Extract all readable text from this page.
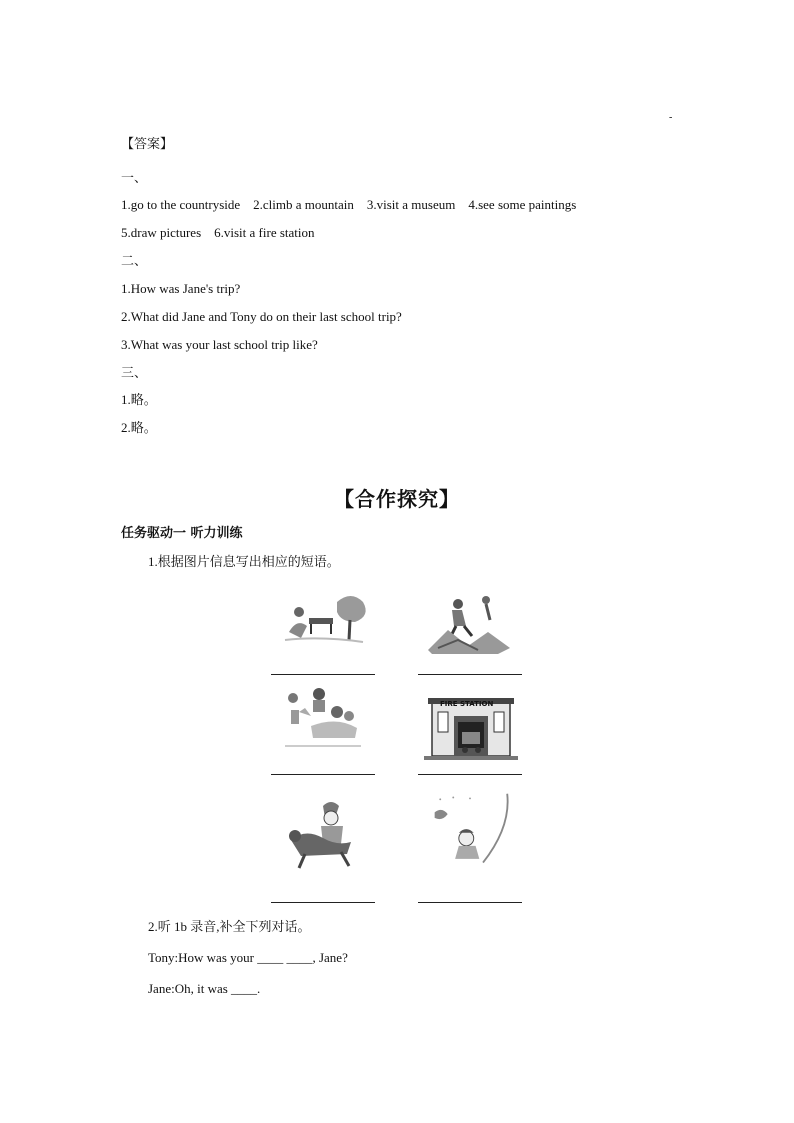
-
【答案】
一、
1.go to the countryside    2.climb a mountain    3.visit a museum    4.see some paintings
5.draw pictures    6.visit a fire station
二、
1.How was Jane's trip?
2.What did Jane and Tony do on their last school trip?
3.What was your last school trip like?
三、
1.略。
2.略。
【合作探究】
任务驱动一 听力训练
1.根据图片信息写出相应的短语。
FIRE STATION
2.听 1b 录音,补全下列对话。
Tony:How was your ____ ____, Jane?
Jane:Oh, it was ____.
